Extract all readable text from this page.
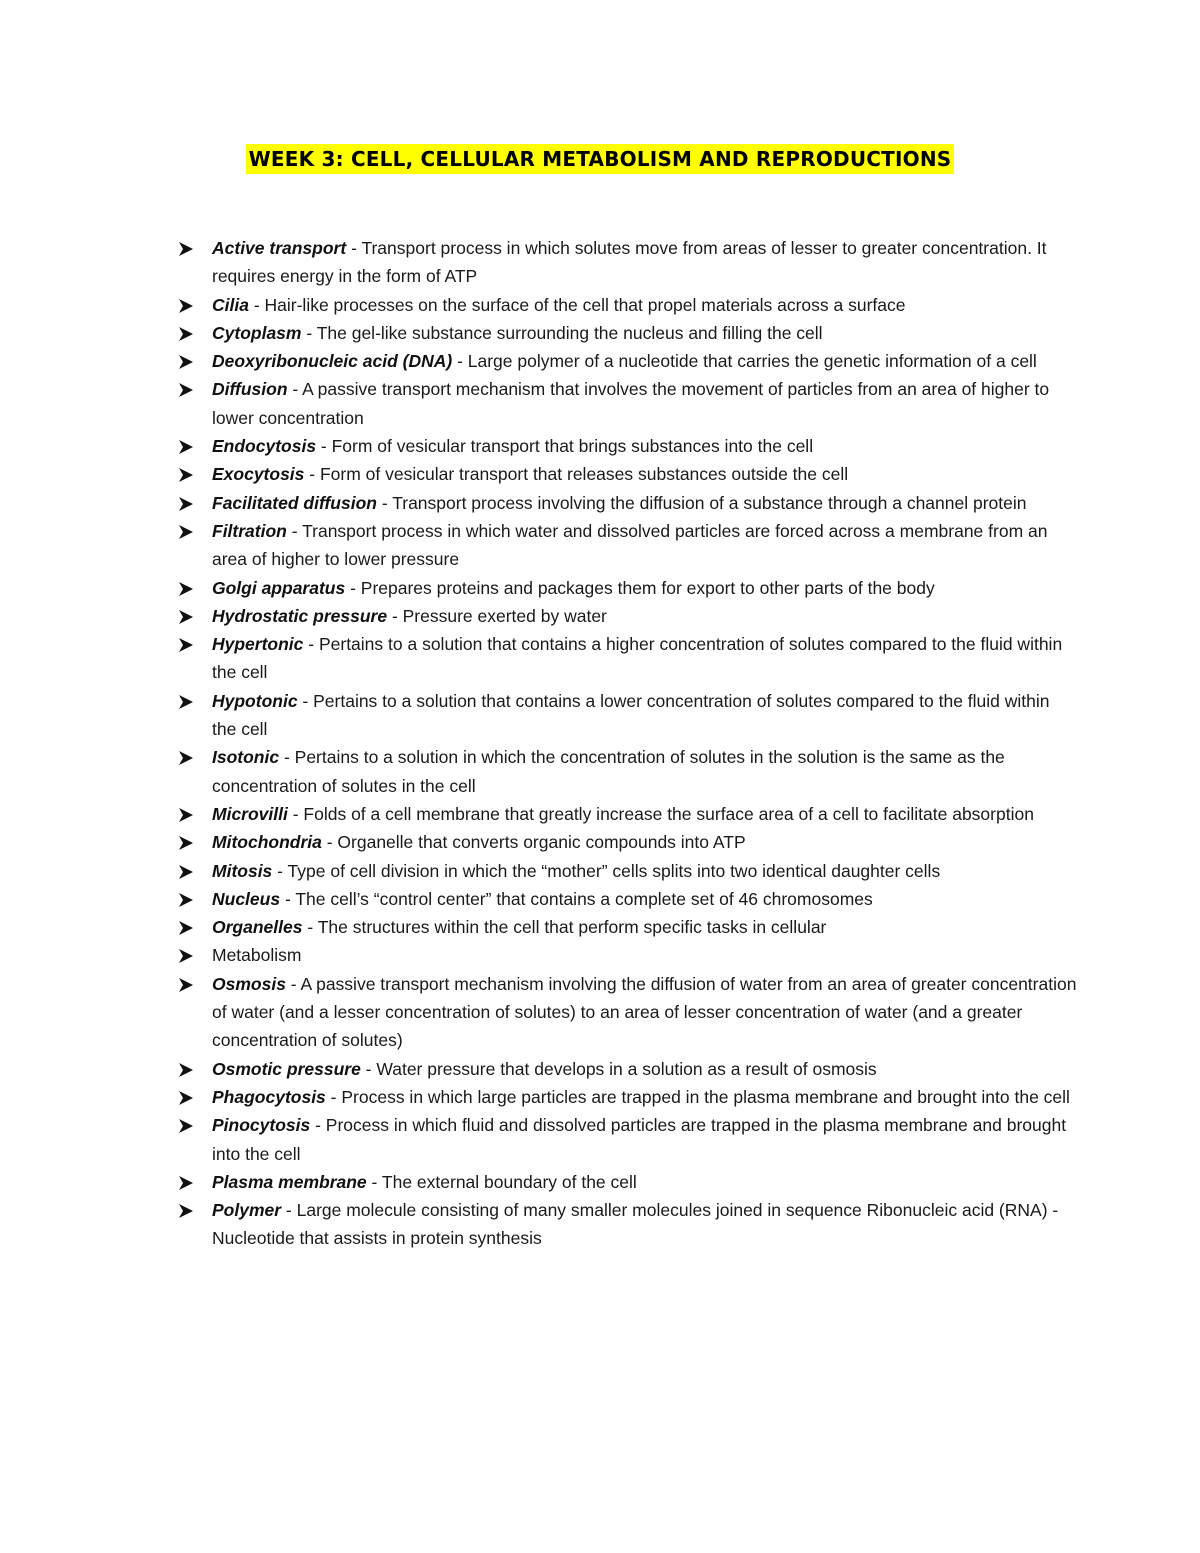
WEEK 3: CELL, CELLULAR METABOLISM AND REPRODUCTIONS
Active transport - Transport process in which solutes move from areas of lesser to greater concentration. It requires energy in the form of ATP
Cilia - Hair-like processes on the surface of the cell that propel materials across a surface
Cytoplasm - The gel-like substance surrounding the nucleus and filling the cell
Deoxyribonucleic acid (DNA) - Large polymer of a nucleotide that carries the genetic information of a cell
Diffusion - A passive transport mechanism that involves the movement of particles from an area of higher to lower concentration
Endocytosis - Form of vesicular transport that brings substances into the cell
Exocytosis - Form of vesicular transport that releases substances outside the cell
Facilitated diffusion - Transport process involving the diffusion of a substance through a channel protein
Filtration - Transport process in which water and dissolved particles are forced across a membrane from an area of higher to lower pressure
Golgi apparatus - Prepares proteins and packages them for export to other parts of the body
Hydrostatic pressure - Pressure exerted by water
Hypertonic - Pertains to a solution that contains a higher concentration of solutes compared to the fluid within the cell
Hypotonic - Pertains to a solution that contains a lower concentration of solutes compared to the fluid within the cell
Isotonic - Pertains to a solution in which the concentration of solutes in the solution is the same as the concentration of solutes in the cell
Microvilli - Folds of a cell membrane that greatly increase the surface area of a cell to facilitate absorption
Mitochondria - Organelle that converts organic compounds into ATP
Mitosis - Type of cell division in which the “mother” cells splits into two identical daughter cells
Nucleus - The cell’s “control center” that contains a complete set of 46 chromosomes
Organelles - The structures within the cell that perform specific tasks in cellular
Metabolism
Osmosis - A passive transport mechanism involving the diffusion of water from an area of greater concentration of water (and a lesser concentration of solutes) to an area of lesser concentration of water (and a greater concentration of solutes)
Osmotic pressure - Water pressure that develops in a solution as a result of osmosis
Phagocytosis - Process in which large particles are trapped in the plasma membrane and brought into the cell
Pinocytosis - Process in which fluid and dissolved particles are trapped in the plasma membrane and brought into the cell
Plasma membrane - The external boundary of the cell
Polymer - Large molecule consisting of many smaller molecules joined in sequence Ribonucleic acid (RNA) - Nucleotide that assists in protein synthesis
